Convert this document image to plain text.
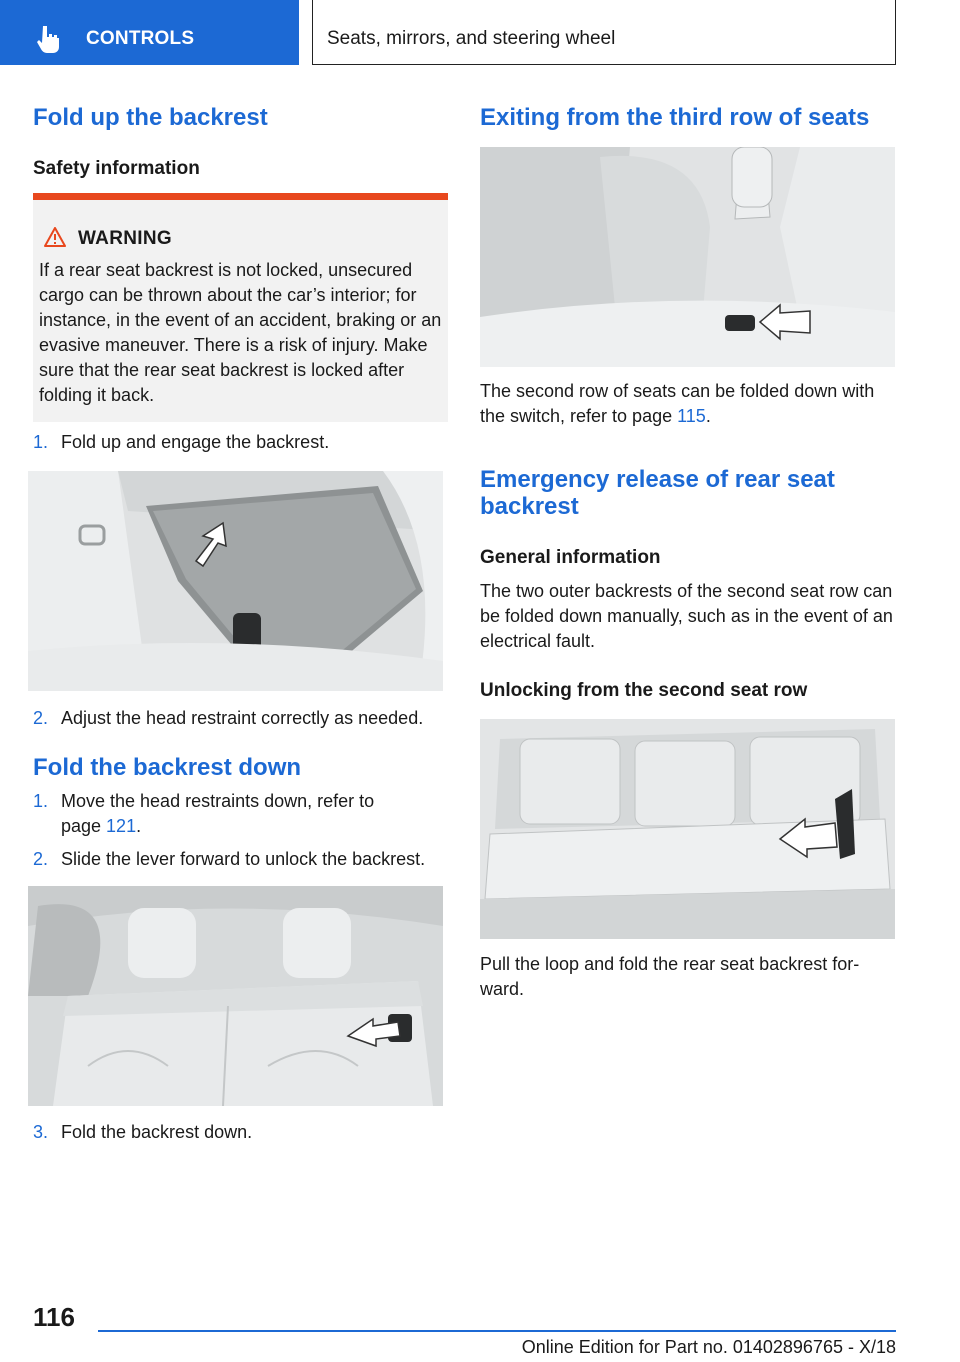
CONTROLS	Seats, mirrors, and steering wheel
Fold up the backrest
Safety information
WARNING
If a rear seat backrest is not locked, unsecured cargo can be thrown about the car’s interior; for instance, in the event of an accident, braking or an evasive maneuver. There is a risk of injury. Make sure that the rear seat backrest is locked after folding it back.
1. Fold up and engage the backrest.
2. Adjust the head restraint correctly as needed.
Fold the backrest down
1. Move the head restraints down, refer to
page 121.
2. Slide the lever forward to unlock the backrest.
3. Fold the backrest down.
Exiting from the third row of seats
The second row of seats can be folded down with the switch, refer to page 115.
Emergency release of rear seat backrest
General information
The two outer backrests of the second seat row can be folded down manually, such as in the event of an electrical fault.
Unlocking from the second seat row
Pull the loop and fold the rear seat backrest for-ward.
116
Online Edition for Part no. 01402896765 - X/18
